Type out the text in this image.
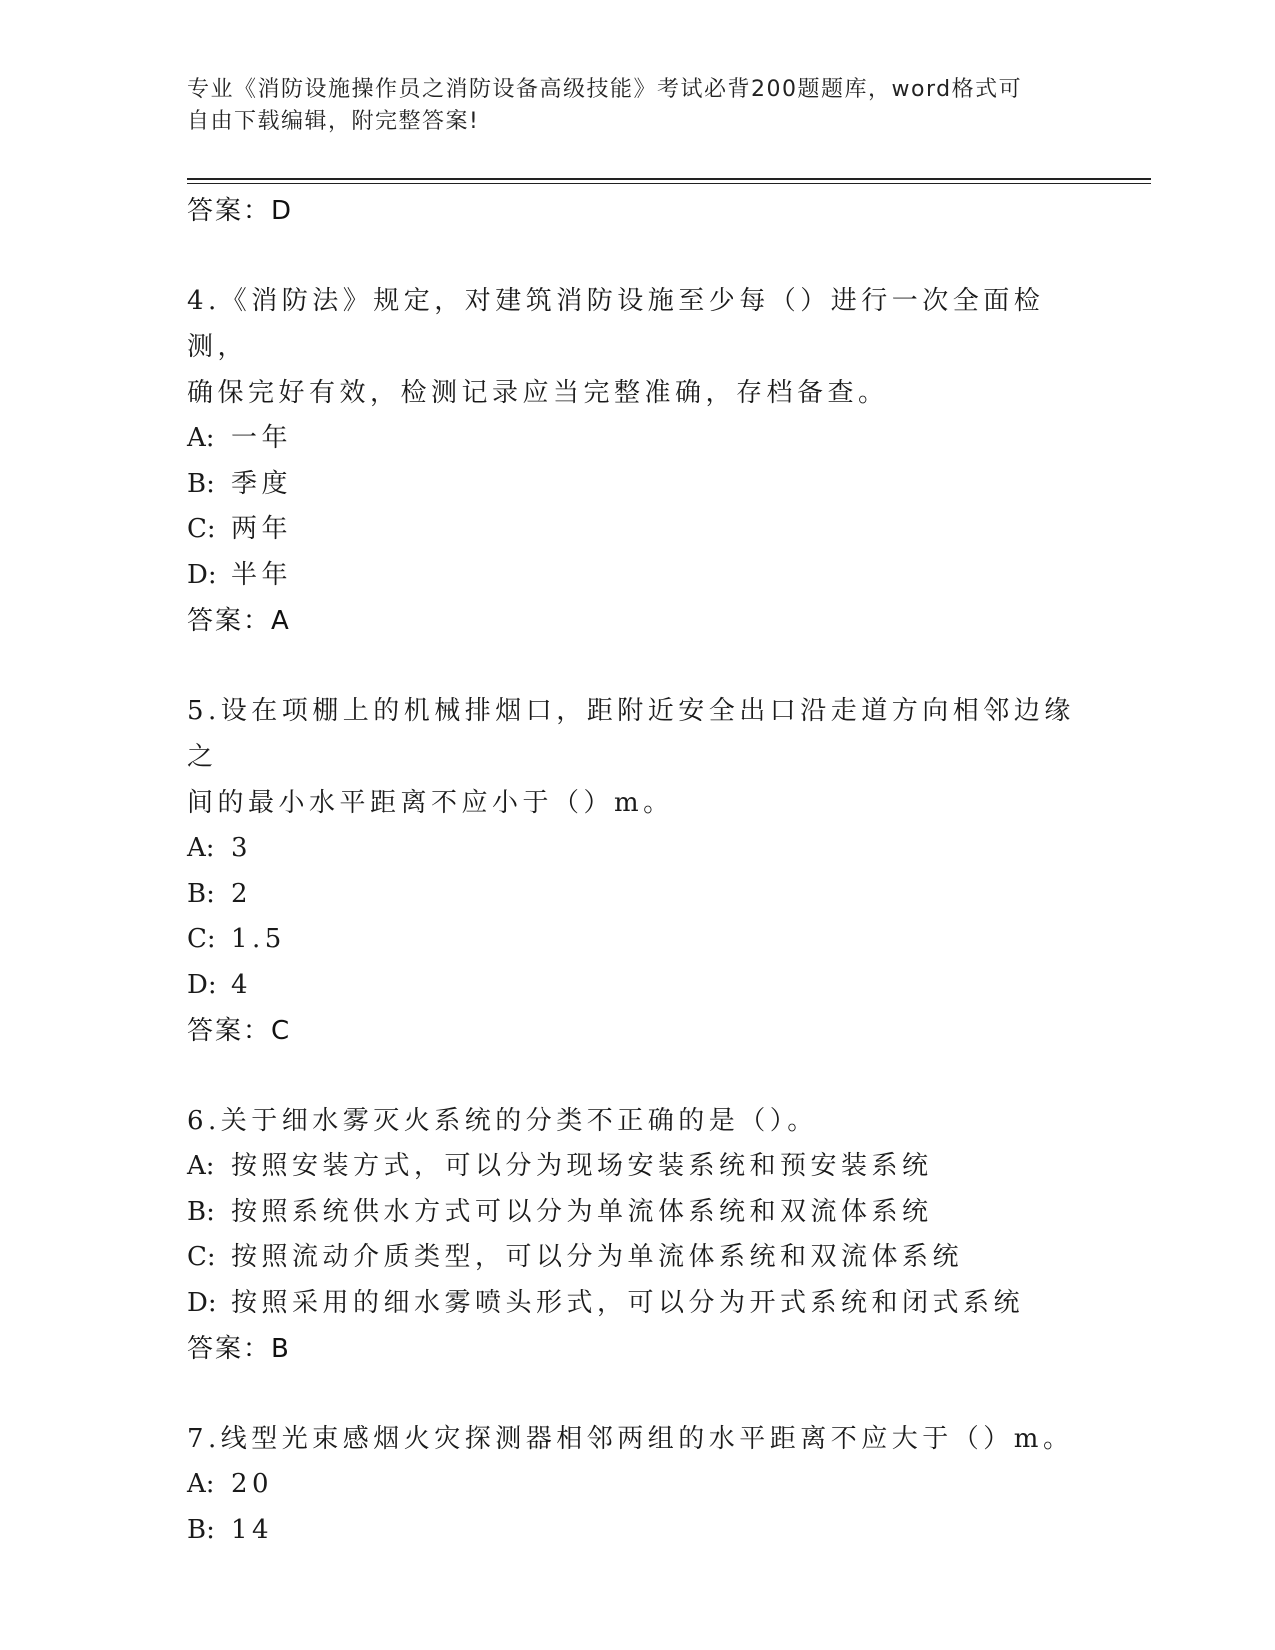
专业《消防设施操作员之消防设备高级技能》考试必背200题题库，word格式可
自由下载编辑，附完整答案!
答案：D
4.《消防法》规定，对建筑消防设施至少每（）进行一次全面检测，
确保完好有效，检测记录应当完整准确，存档备查。
A: 一年
B: 季度
C: 两年
D: 半年
答案：A
5.设在项棚上的机械排烟口，距附近安全出口沿走道方向相邻边缘之
间的最小水平距离不应小于（）m。
A: 3
B: 2
C: 1.5
D: 4
答案：C
6.关于细水雾灭火系统的分类不正确的是（）。
A: 按照安装方式，可以分为现场安装系统和预安装系统
B: 按照系统供水方式可以分为单流体系统和双流体系统
C: 按照流动介质类型，可以分为单流体系统和双流体系统
D: 按照采用的细水雾喷头形式，可以分为开式系统和闭式系统
答案：B
7.线型光束感烟火灾探测器相邻两组的水平距离不应大于（）m。
A: 20
B: 14
